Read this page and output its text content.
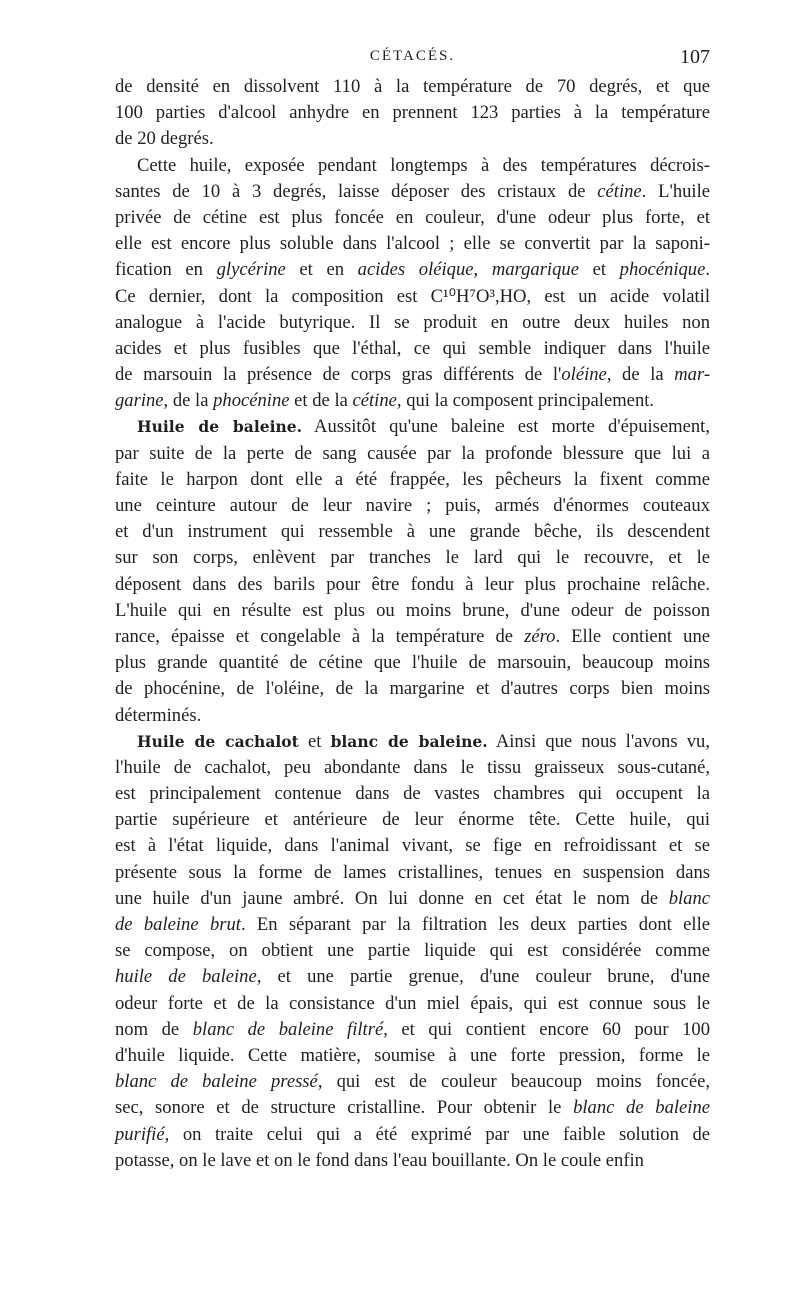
CÉTACÉS.	107
de densité en dissolvent 110 à la température de 70 degrés, et que
100 parties d'alcool anhydre en prennent 123 parties à la température
de 20 degrés.
Cette huile, exposée pendant longtemps à des températures décrois-
santes de 10 à 3 degrés, laisse déposer des cristaux de cétine. L'huile
privée de cétine est plus foncée en couleur, d'une odeur plus forte, et
elle est encore plus soluble dans l'alcool ; elle se convertit par la saponi-
fication en glycérine et en acides oléique, margarique et phocénique.
Ce dernier, dont la composition est C¹⁰H⁷O³,HO, est un acide volatil
analogue à l'acide butyrique. Il se produit en outre deux huiles non
acides et plus fusibles que l'éthal, ce qui semble indiquer dans l'huile
de marsouin la présence de corps gras différents de l'oléine, de la mar-
garine, de la phocénine et de la cétine, qui la composent principalement.
Huile de baleine. Aussitôt qu'une baleine est morte d'épuisement,
par suite de la perte de sang causée par la profonde blessure que lui a
faite le harpon dont elle a été frappée, les pêcheurs la fixent comme
une ceinture autour de leur navire ; puis, armés d'énormes couteaux
et d'un instrument qui ressemble à une grande bêche, ils descendent
sur son corps, enlèvent par tranches le lard qui le recouvre, et le
déposent dans des barils pour être fondu à leur plus prochaine relâche.
L'huile qui en résulte est plus ou moins brune, d'une odeur de poisson
rance, épaisse et congelable à la température de zéro. Elle contient une
plus grande quantité de cétine que l'huile de marsouin, beaucoup moins
de phocénine, de l'oléine, de la margarine et d'autres corps bien moins
déterminés.
Huile de cachalot et blanc de baleine. Ainsi que nous l'avons vu,
l'huile de cachalot, peu abondante dans le tissu graisseux sous-cutané,
est principalement contenue dans de vastes chambres qui occupent la
partie supérieure et antérieure de leur énorme tête. Cette huile, qui
est à l'état liquide, dans l'animal vivant, se fige en refroidissant et se
présente sous la forme de lames cristallines, tenues en suspension dans
une huile d'un jaune ambré. On lui donne en cet état le nom de blanc
de baleine brut. En séparant par la filtration les deux parties dont elle
se compose, on obtient une partie liquide qui est considérée comme
huile de baleine, et une partie grenue, d'une couleur brune, d'une
odeur forte et de la consistance d'un miel épais, qui est connue sous le
nom de blanc de baleine filtré, et qui contient encore 60 pour 100
d'huile liquide. Cette matière, soumise à une forte pression, forme le
blanc de baleine pressé, qui est de couleur beaucoup moins foncée,
sec, sonore et de structure cristalline. Pour obtenir le blanc de baleine
purifié, on traite celui qui a été exprimé par une faible solution de
potasse, on le lave et on le fond dans l'eau bouillante. On le coule enfin
